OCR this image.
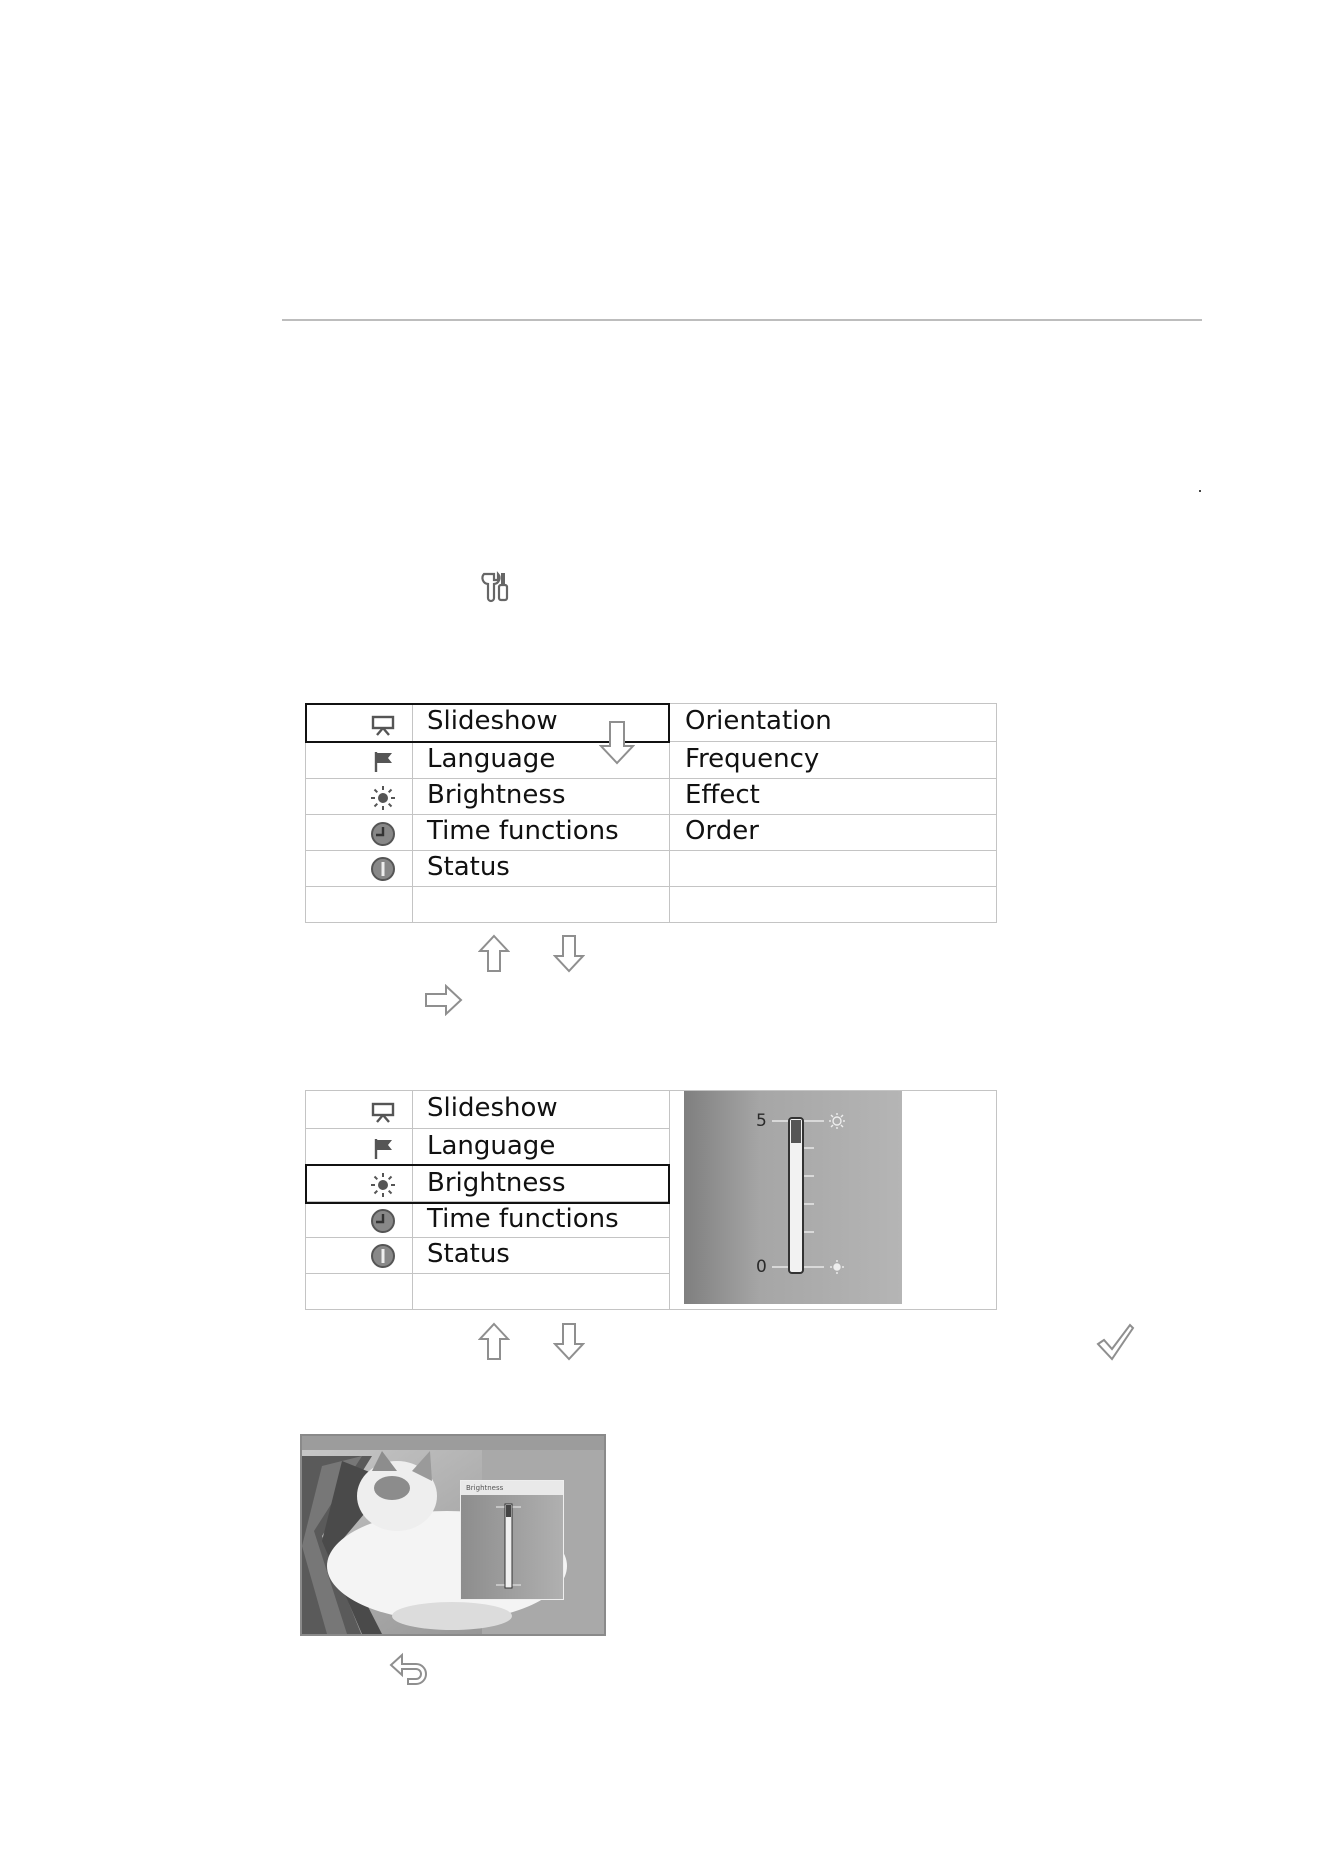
Slideshow
Language
Brightness
Time functions
Status
Orientation
Frequency
Effect
Order
Slideshow
Language
Brightness
Time functions
Status
5
0
Brightness
